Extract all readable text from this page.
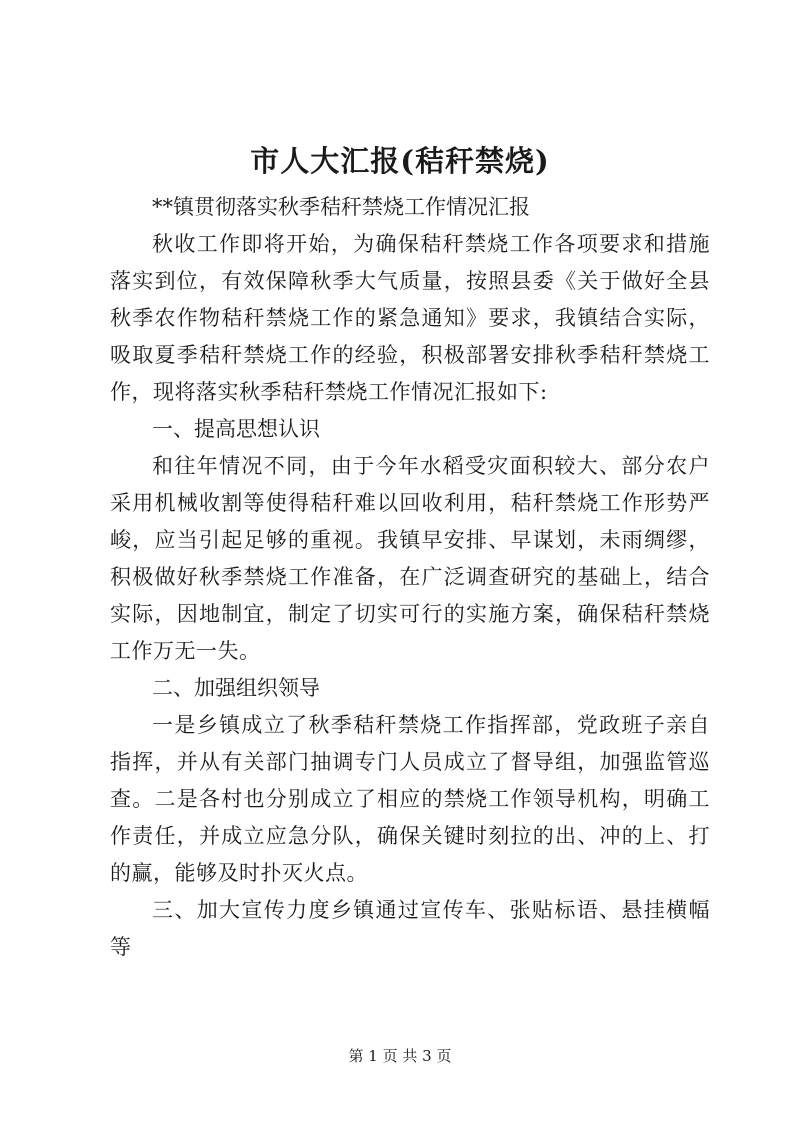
市人大汇报(秸秆禁烧)

**镇贯彻落实秋季秸秆禁烧工作情况汇报

秋收工作即将开始，为确保秸秆禁烧工作各项要求和措施落实到位，有效保障秋季大气质量，按照县委《关于做好全县秋季农作物秸秆禁烧工作的紧急通知》要求，我镇结合实际，吸取夏季秸秆禁烧工作的经验，积极部署安排秋季秸秆禁烧工作，现将落实秋季秸秆禁烧工作情况汇报如下:

一、提高思想认识

和往年情况不同，由于今年水稻受灾面积较大、部分农户采用机械收割等使得秸秆难以回收利用，秸秆禁烧工作形势严峻，应当引起足够的重视。我镇早安排、早谋划，未雨绸缪，积极做好秋季禁烧工作准备，在广泛调查研究的基础上，结合实际，因地制宜，制定了切实可行的实施方案，确保秸秆禁烧工作万无一失。

二、加强组织领导

一是乡镇成立了秋季秸秆禁烧工作指挥部，党政班子亲自指挥，并从有关部门抽调专门人员成立了督导组，加强监管巡查。二是各村也分别成立了相应的禁烧工作领导机构，明确工作责任，并成立应急分队，确保关键时刻拉的出、冲的上、打的赢，能够及时扑灭火点。

三、加大宣传力度乡镇通过宣传车、张贴标语、悬挂横幅等

第 1 页 共 3 页
